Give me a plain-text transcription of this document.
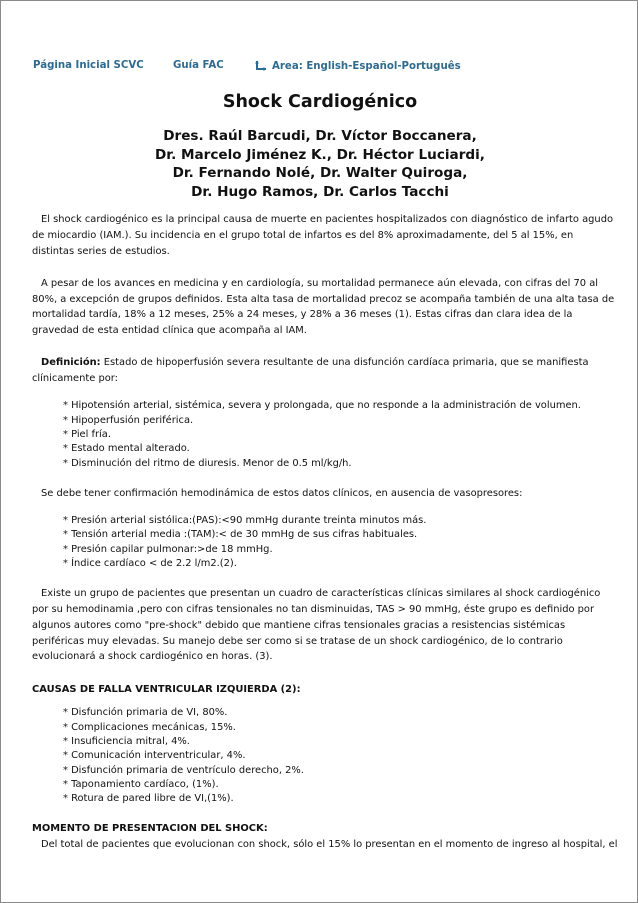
Página Inicial SCVC	Guía FAC	Area:
English - Español - Português
Shock Cardiogénico
Dres. Raúl Barcudi, Dr. Víctor Boccanera,
Dr. Marcelo Jiménez K., Dr. Héctor Luciardi,
Dr. Fernando Nolé, Dr. Walter Quiroga,
Dr. Hugo Ramos, Dr. Carlos Tacchi

El shock cardiogénico es la principal causa de muerte en pacientes hospitalizados con diagnóstico de infarto agudo de miocardio (IAM.). Su incidencia en el grupo total de infartos es del 8% aproximadamente, del 5 al 15%, en distintas series de estudios.

A pesar de los avances en medicina y en cardiología, su mortalidad permanece aún elevada, con cifras del 70 al 80%, a excepción de grupos definidos. Esta alta tasa de mortalidad precoz se acompaña también de una alta tasa de mortalidad tardía, 18% a 12 meses, 25% a 24 meses, y 28% a 36 meses (1). Estas cifras dan clara idea de la gravedad de esta entidad clínica que acompaña al IAM.

Definición: Estado de hipoperfusión severa resultante de una disfunción cardíaca primaria, que se manifiesta clínicamente por:

* Hipotensión arterial, sistémica, severa y prolongada, que no responde a la administración de volumen.
* Hipoperfusión periférica.
* Piel fría.
* Estado mental alterado.
* Disminución del ritmo de diuresis. Menor de 0.5 ml/kg/h.

Se debe tener confirmación hemodinámica de estos datos clínicos, en ausencia de vasopresores:

* Presión arterial sistólica:(PAS):<90 mmHg durante treinta minutos más.
* Tensión arterial media :(TAM):< de 30 mmHg de sus cifras habituales.
* Presión capilar pulmonar:>de 18 mmHg.
* Índice cardíaco < de 2.2 l/m2.(2).

Existe un grupo de pacientes que presentan un cuadro de características clínicas similares al shock cardiogénico por su hemodinamia ,pero con cifras tensionales no tan disminuidas, TAS > 90 mmHg, éste grupo es definido por algunos autores como "pre-shock" debido que mantiene cifras tensionales gracias a resistencias sistémicas periféricas muy elevadas. Su manejo debe ser como si se tratase de un shock cardiogénico, de lo contrario evolucionará a shock cardiogénico en horas. (3).

CAUSAS DE FALLA VENTRICULAR IZQUIERDA (2):
* Disfunción primaria de VI, 80%.
* Complicaciones mecánicas, 15%.
* Insuficiencia mitral, 4%.
* Comunicación interventricular, 4%.
* Disfunción primaria de ventrículo derecho, 2%.
* Taponamiento cardíaco, (1%).
* Rotura de pared libre de VI,(1%).
MOMENTO DE PRESENTACION DEL SHOCK:

Del total de pacientes que evolucionan con shock, sólo el 15% lo presentan en el momento de ingreso al hospital, el
